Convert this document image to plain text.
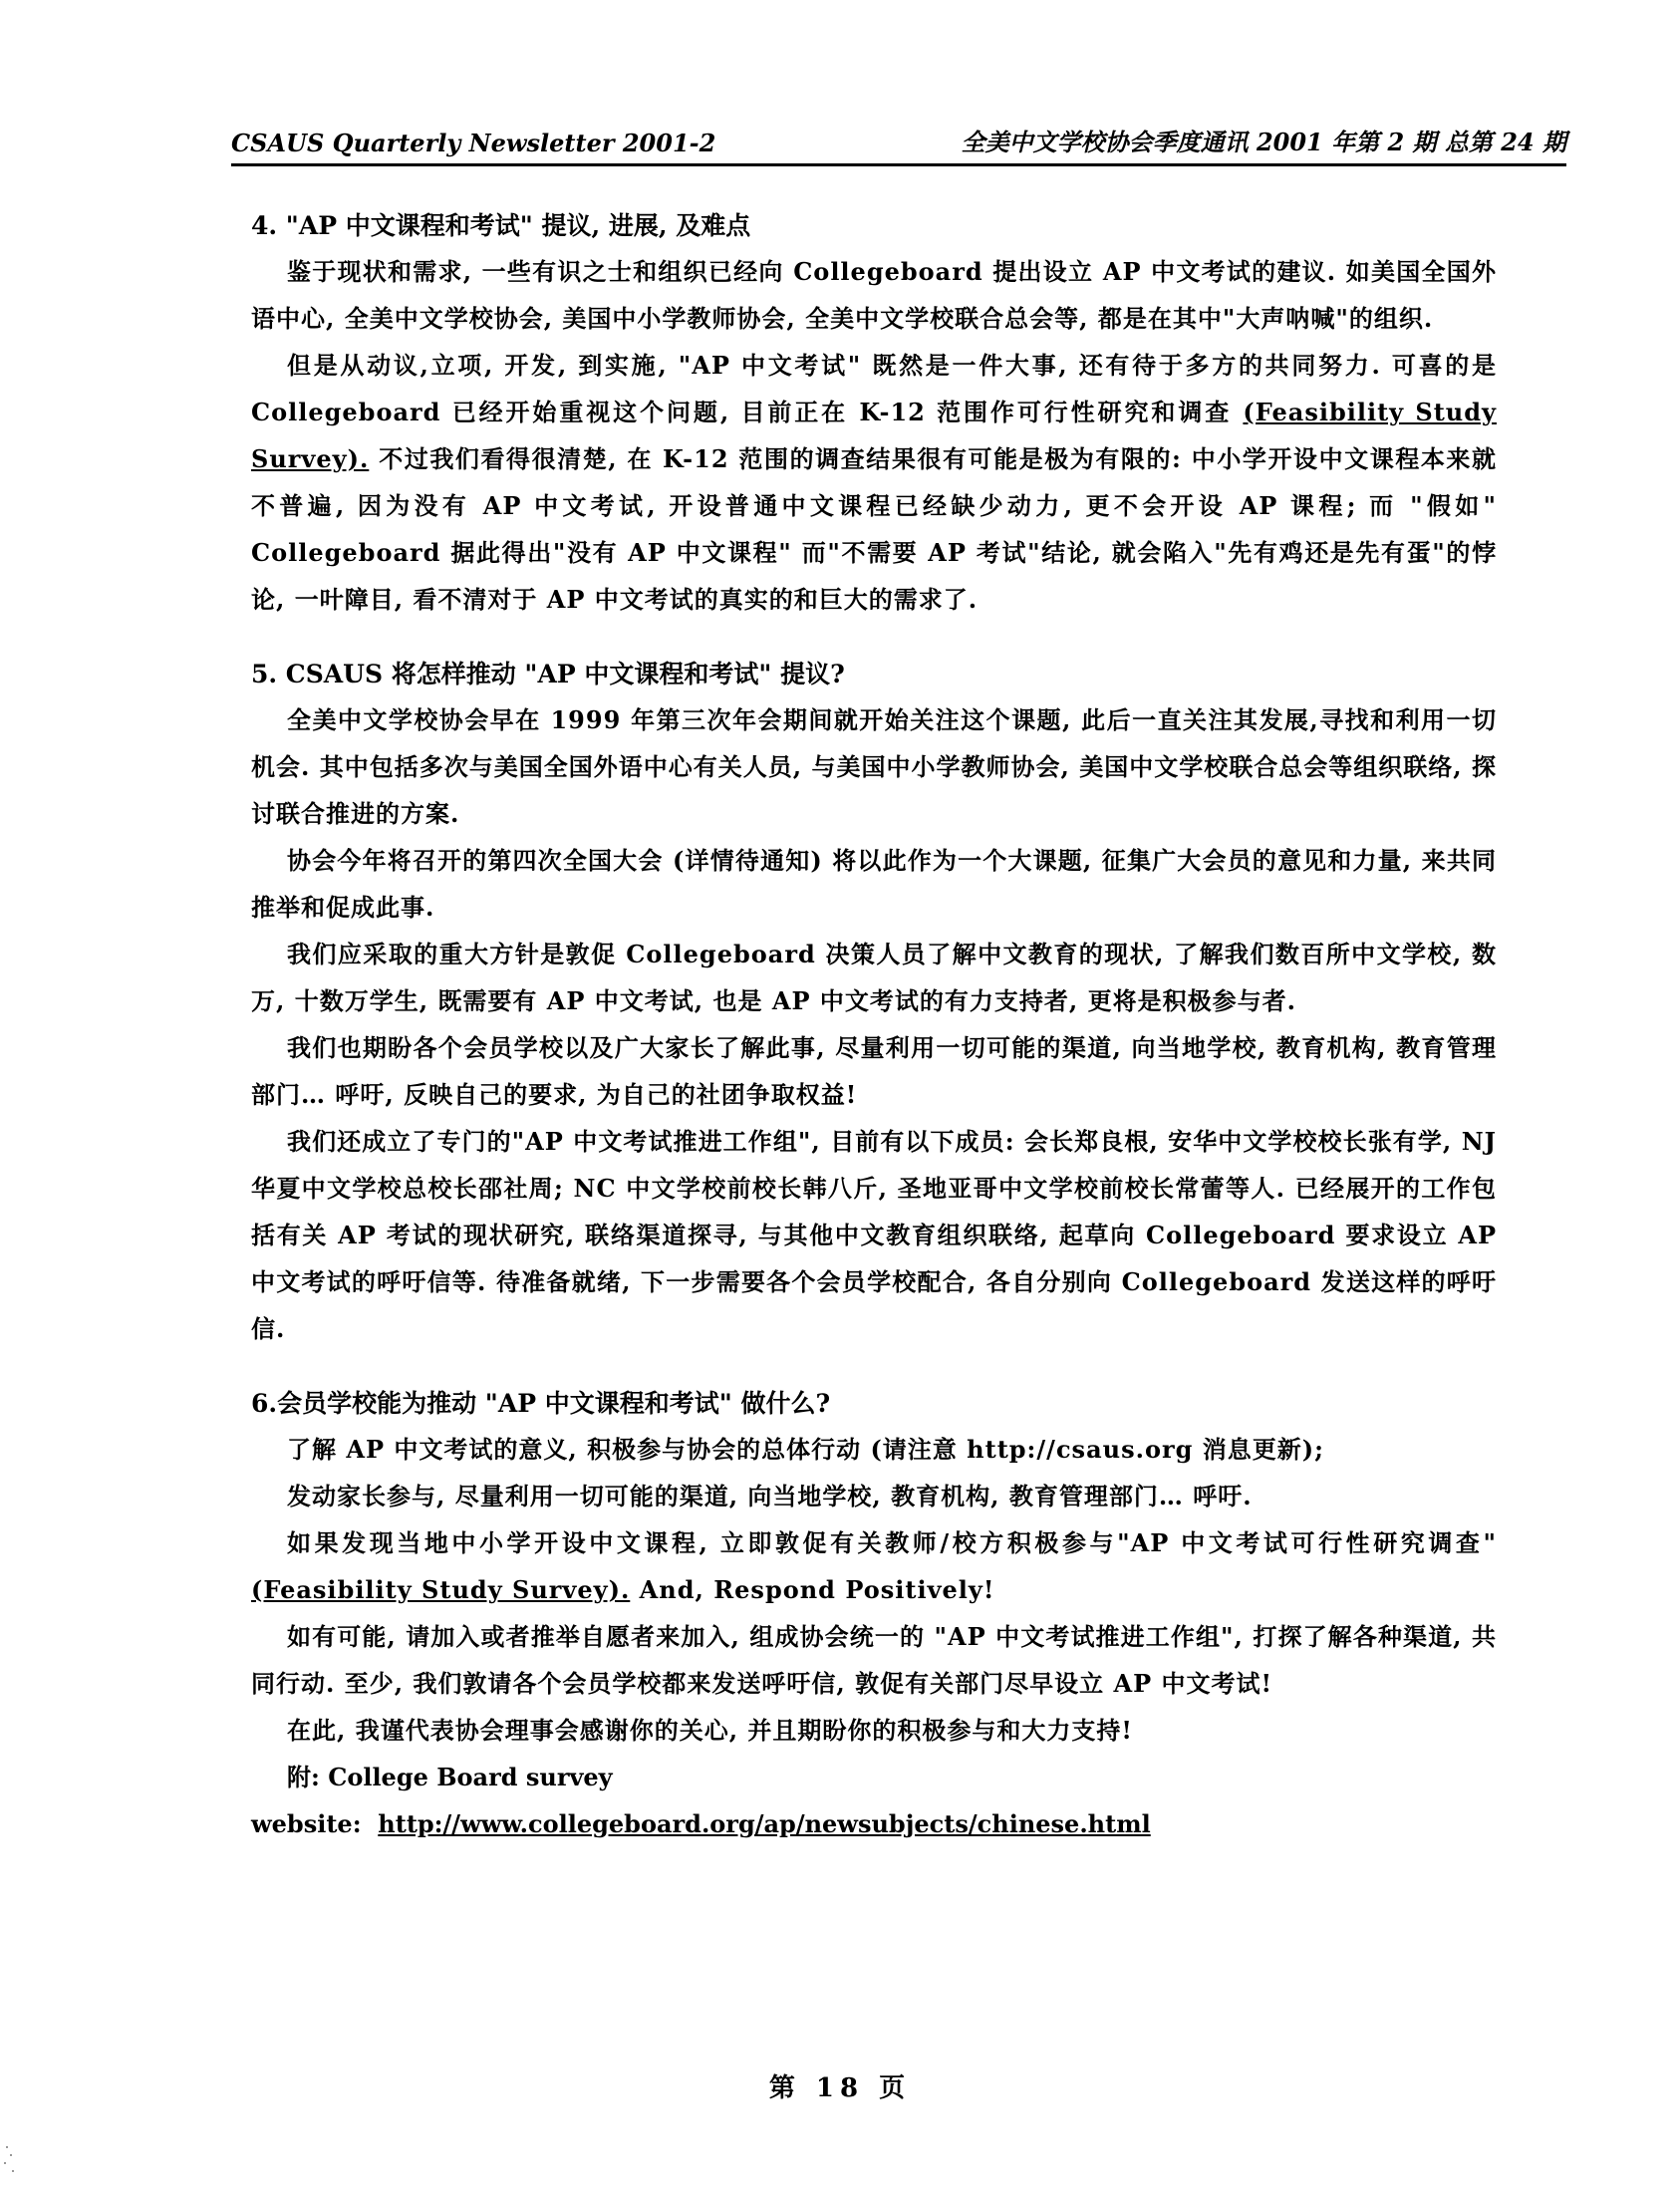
CSAUS Quarterly Newsletter 2001-2	全美中文学校协会季度通讯 2001 年第 2 期 总第 24 期

4. "AP 中文课程和考试" 提议, 进展, 及难点

鉴于现状和需求, 一些有识之士和组织已经向 Collegeboard 提出设立 AP 中文考试的建议. 如美国全国外语中心, 全美中文学校协会, 美国中小学教师协会, 全美中文学校联合总会等, 都是在其中"大声呐喊"的组织.

但是从动议,立项, 开发, 到实施, "AP 中文考试" 既然是一件大事, 还有待于多方的共同努力. 可喜的是 Collegeboard 已经开始重视这个问题, 目前正在 K-12 范围作可行性研究和调查 (Feasibility Study Survey). 不过我们看得很清楚, 在 K-12 范围的调查结果很有可能是极为有限的: 中小学开设中文课程本来就不普遍, 因为没有 AP 中文考试, 开设普通中文课程已经缺少动力, 更不会开设 AP 课程; 而 "假如" Collegeboard 据此得出"没有 AP 中文课程" 而"不需要 AP 考试"结论, 就会陷入"先有鸡还是先有蛋"的悖论, 一叶障目, 看不清对于 AP 中文考试的真实的和巨大的需求了.

5. CSAUS 将怎样推动 "AP 中文课程和考试" 提议?

全美中文学校协会早在 1999 年第三次年会期间就开始关注这个课题, 此后一直关注其发展,寻找和利用一切机会. 其中包括多次与美国全国外语中心有关人员, 与美国中小学教师协会, 美国中文学校联合总会等组织联络, 探讨联合推进的方案.

协会今年将召开的第四次全国大会 (详情待通知) 将以此作为一个大课题, 征集广大会员的意见和力量, 来共同推举和促成此事.

我们应采取的重大方针是敦促 Collegeboard 决策人员了解中文教育的现状, 了解我们数百所中文学校, 数万, 十数万学生, 既需要有 AP 中文考试, 也是 AP 中文考试的有力支持者, 更将是积极参与者.

我们也期盼各个会员学校以及广大家长了解此事, 尽量利用一切可能的渠道, 向当地学校, 教育机构, 教育管理部门… 呼吁, 反映自己的要求, 为自己的社团争取权益!

我们还成立了专门的"AP 中文考试推进工作组", 目前有以下成员: 会长郑良根, 安华中文学校校长张有学, NJ 华夏中文学校总校长邵社周; NC 中文学校前校长韩八斤, 圣地亚哥中文学校前校长常蕾等人. 已经展开的工作包括有关 AP 考试的现状研究, 联络渠道探寻, 与其他中文教育组织联络, 起草向 Collegeboard 要求设立 AP 中文考试的呼吁信等. 待准备就绪, 下一步需要各个会员学校配合, 各自分别向 Collegeboard 发送这样的呼吁信.

6.会员学校能为推动 "AP 中文课程和考试" 做什么?

了解 AP 中文考试的意义, 积极参与协会的总体行动 (请注意 http://csaus.org 消息更新);

发动家长参与, 尽量利用一切可能的渠道, 向当地学校, 教育机构, 教育管理部门… 呼吁.

如果发现当地中小学开设中文课程, 立即敦促有关教师/校方积极参与"AP 中文考试可行性研究调查"(Feasibility Study Survey). And, Respond Positively!

如有可能, 请加入或者推举自愿者来加入, 组成协会统一的 "AP 中文考试推进工作组", 打探了解各种渠道, 共同行动. 至少, 我们敦请各个会员学校都来发送呼吁信, 敦促有关部门尽早设立 AP 中文考试!

在此, 我谨代表协会理事会感谢你的关心, 并且期盼你的积极参与和大力支持!

附: College Board survey website: http://www.collegeboard.org/ap/newsubjects/chinese.html

第 18 页
